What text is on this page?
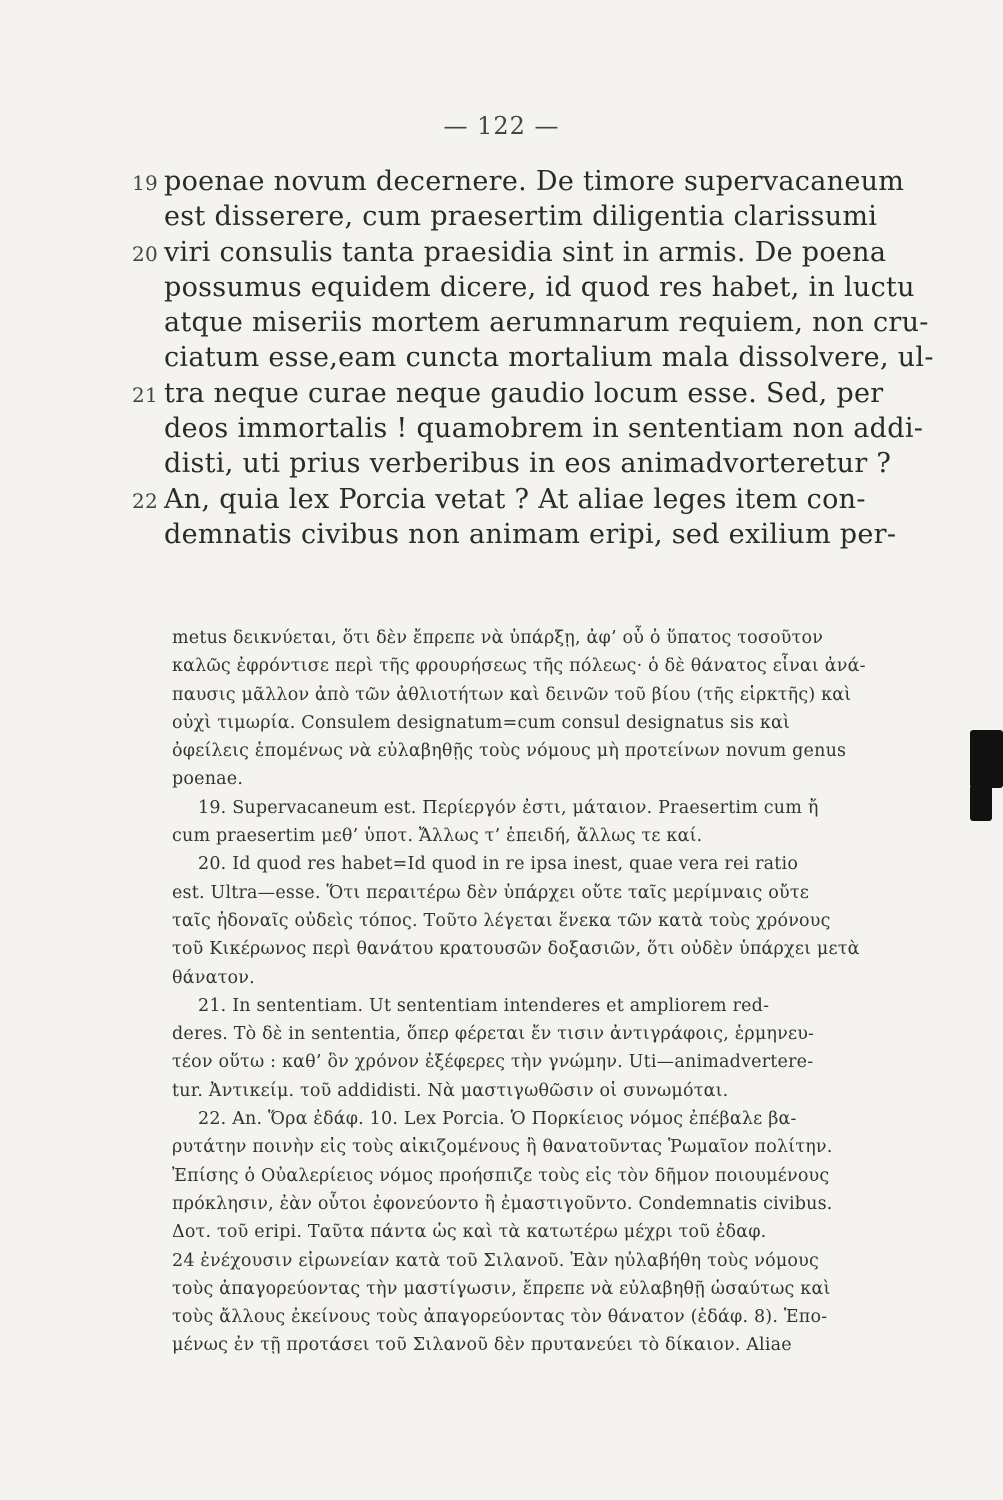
— 122 —
19 poenae novum decernere. De timore supervacaneum
est disserere, cum praesertim diligentia clarissumi
20 viri consulis tanta praesidia sint in armis. De poena
possumus equidem dicere, id quod res habet, in luctu
atque miseriis mortem aerumnarum requiem, non cru-
ciatum esse,eam cuncta mortalium mala dissolvere, ul-
21 tra neque curae neque gaudio locum esse. Sed, per
deos immortalis ! quamobrem in sententiam non addi-
disti, uti prius verberibus in eos animadvorteretur ?
22 An, quia lex Porcia vetat ? At aliae leges item con-
demnatis civibus non animam eripi, sed exilium per-
metus δεικνύεται, ὅτι δὲν ἔπρεπε νὰ ὑπάρξῃ, ἀφ’ οὗ ὁ ὕπατος τοσοῦτον
καλῶς ἐφρόντισε περὶ τῆς φρουρήσεως τῆς πόλεως· ὁ δὲ θάνατος εἶναι ἀνά-
παυσις μᾶλλον ἀπὸ τῶν ἀθλιοτήτων καὶ δεινῶν τοῦ βίου (τῆς εἱρκτῆς) καὶ
οὐχὶ τιμωρία. Consulem designatum=cum consul designatus sis καὶ
ὀφείλεις ἑπομένως νὰ εὐλαβηθῇς τοὺς νόμους μὴ προτείνων novum genus
poenae.
19. Supervacaneum est. Περίεργόν ἐστι, μάταιον. Praesertim cum ἤ
cum praesertim μεθ’ ὑποτ. Ἄλλως τ’ ἐπειδή, ἄλλως τε καί.
20. Id quod res habet=Id quod in re ipsa inest, quae vera rei ratio
est. Ultra—esse. Ὅτι περαιτέρω δὲν ὑπάρχει οὔτε ταῖς μερίμναις οὔτε
ταῖς ἡδοναῖς οὐδεὶς τόπος. Τοῦτο λέγεται ἕνεκα τῶν κατὰ τοὺς χρόνους
τοῦ Κικέρωνος περὶ θανάτου κρατουσῶν δοξασιῶν, ὅτι οὐδὲν ὑπάρχει μετὰ
θάνατον.
21. In sententiam. Ut sententiam intenderes et ampliorem red-
deres. Τὸ δὲ in sententia, ὅπερ φέρεται ἔν τισιν ἀντιγράφοις, ἑρμηνευ-
τέον οὕτω : καθ’ ὃν χρόνον ἐξέφερες τὴν γνώμην. Uti—animadvertere-
tur. Ἀντικείμ. τοῦ addidisti. Νὰ μαστιγωθῶσιν οἱ συνωμόται.
22. An. Ὅρα ἐδάφ. 10. Lex Porcia. Ὁ Πορκίειος νόμος ἐπέβαλε βα-
ρυτάτην ποινὴν εἰς τοὺς αἰκιζομένους ἢ θανατοῦντας Ῥωμαῖον πολίτην.
Ἐπίσης ὁ Οὐαλερίειος νόμος προήσπιζε τοὺς εἰς τὸν δῆμον ποιουμένους
πρόκλησιν, ἐὰν οὗτοι ἐφονεύοντο ἢ ἐμαστιγοῦντο. Condemnatis civibus.
Δοτ. τοῦ eripi. Ταῦτα πάντα ὡς καὶ τὰ κατωτέρω μέχρι τοῦ ἐδαφ.
24 ἐνέχουσιν εἰρωνείαν κατὰ τοῦ Σιλανοῦ. Ἐὰν ηὐλαβήθη τοὺς νόμους
τοὺς ἀπαγορεύοντας τὴν μαστίγωσιν, ἔπρεπε νὰ εὐλαβηθῇ ὡσαύτως καὶ
τοὺς ἄλλους ἐκείνους τοὺς ἀπαγορεύοντας τὸν θάνατον (ἐδάφ. 8). Ἑπο-
μένως ἐν τῇ προτάσει τοῦ Σιλανοῦ δὲν πρυτανεύει τὸ δίκαιον. Aliae
